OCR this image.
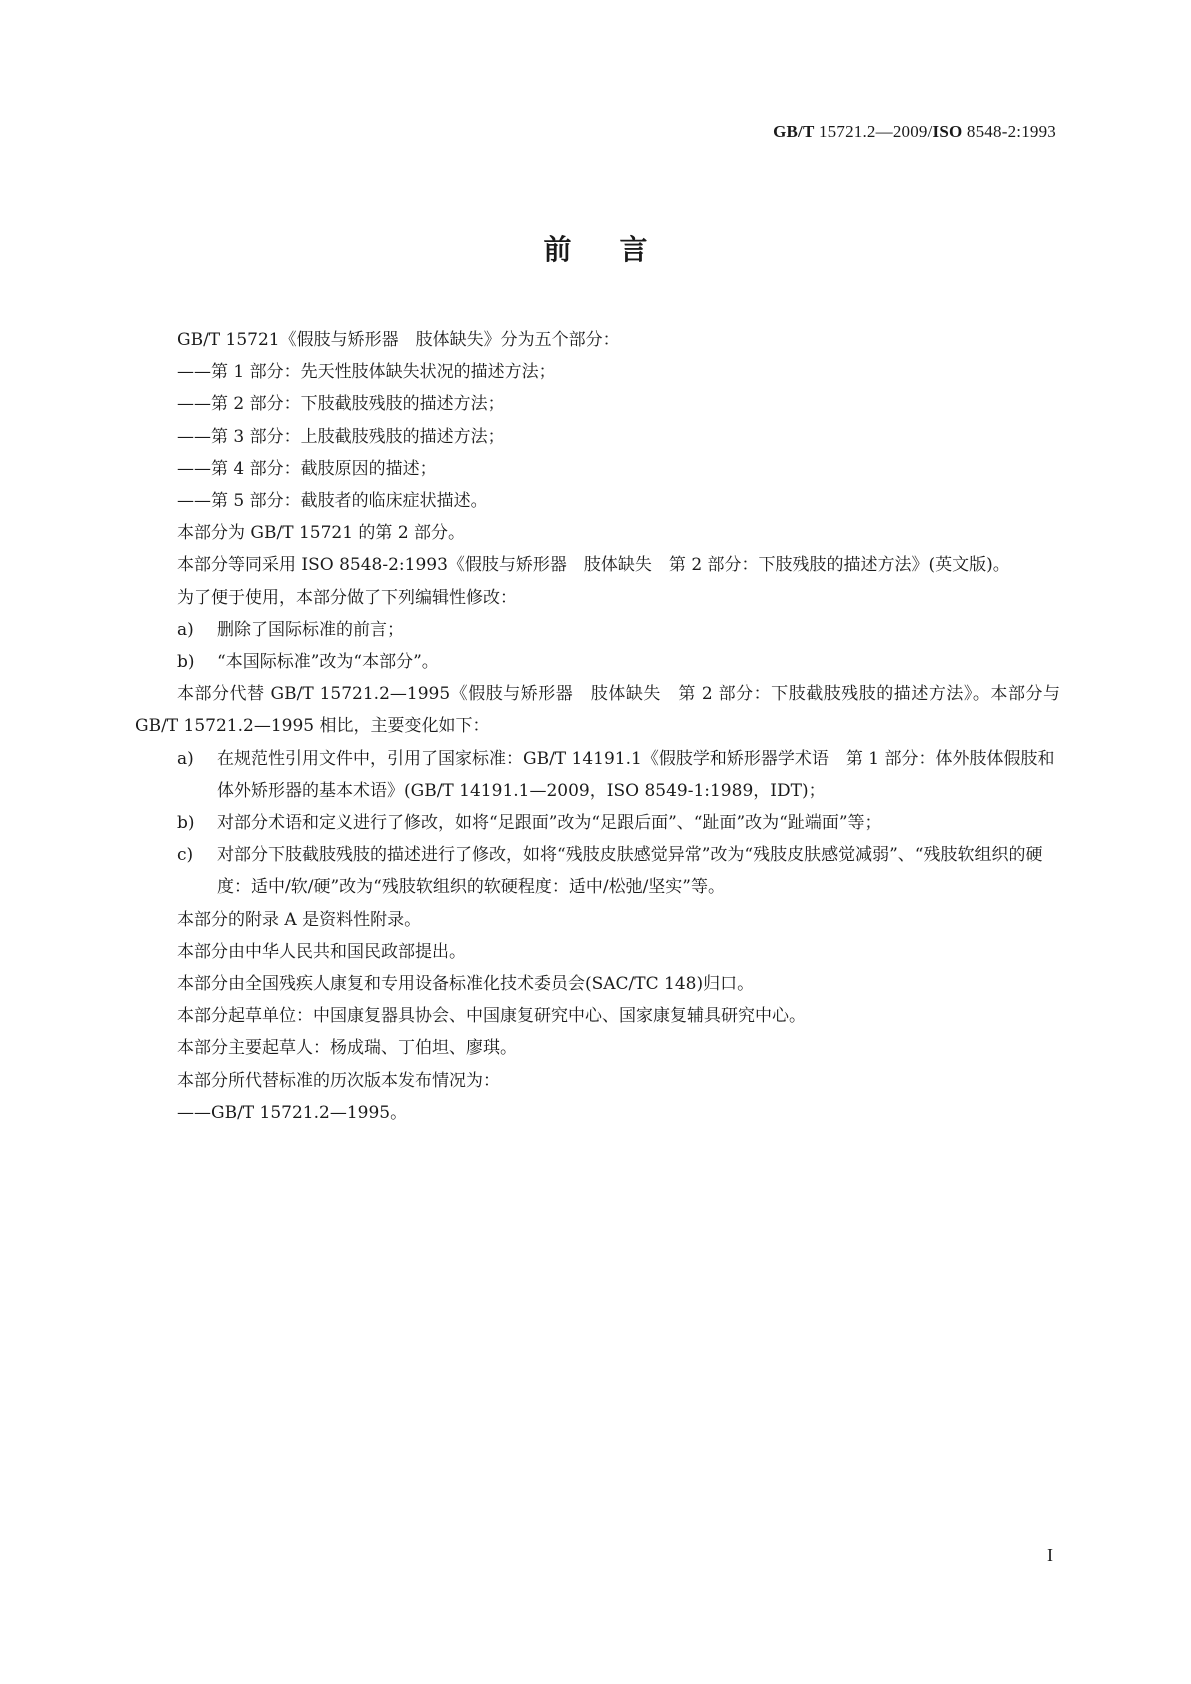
GB/T 15721.2—2009/ISO 8548-2:1993
前言

GB/T 15721《假肢与矫形器　肢体缺失》分为五个部分：

——第 1 部分：先天性肢体缺失状况的描述方法；

——第 2 部分：下肢截肢残肢的描述方法；

——第 3 部分：上肢截肢残肢的描述方法；

——第 4 部分：截肢原因的描述；

——第 5 部分：截肢者的临床症状描述。

本部分为 GB/T 15721 的第 2 部分。

本部分等同采用 ISO 8548-2:1993《假肢与矫形器　肢体缺失　第 2 部分：下肢残肢的描述方法》(英文版)。

为了便于使用，本部分做了下列编辑性修改：

a)	删除了国际标准的前言；
b)	“本国际标准”改为“本部分”。

本部分代替 GB/T 15721.2—1995《假肢与矫形器　肢体缺失　第 2 部分：下肢截肢残肢的描述方法》。本部分与 GB/T 15721.2—1995 相比，主要变化如下：

a)	在规范性引用文件中，引用了国家标准：GB/T 14191.1《假肢学和矫形器学术语　第 1 部分：体外肢体假肢和体外矫形器的基本术语》(GB/T 14191.1—2009，ISO 8549-1:1989，IDT)；
b)	对部分术语和定义进行了修改，如将“足跟面”改为“足跟后面”、“趾面”改为“趾端面”等；
c)	对部分下肢截肢残肢的描述进行了修改，如将“残肢皮肤感觉异常”改为“残肢皮肤感觉减弱”、“残肢软组织的硬度：适中/软/硬”改为“残肢软组织的软硬程度：适中/松弛/坚实”等。

本部分的附录 A 是资料性附录。

本部分由中华人民共和国民政部提出。

本部分由全国残疾人康复和专用设备标准化技术委员会(SAC/TC 148)归口。

本部分起草单位：中国康复器具协会、中国康复研究中心、国家康复辅具研究中心。

本部分主要起草人：杨成瑞、丁伯坦、廖琪。

本部分所代替标准的历次版本发布情况为：

——GB/T 15721.2—1995。

I
